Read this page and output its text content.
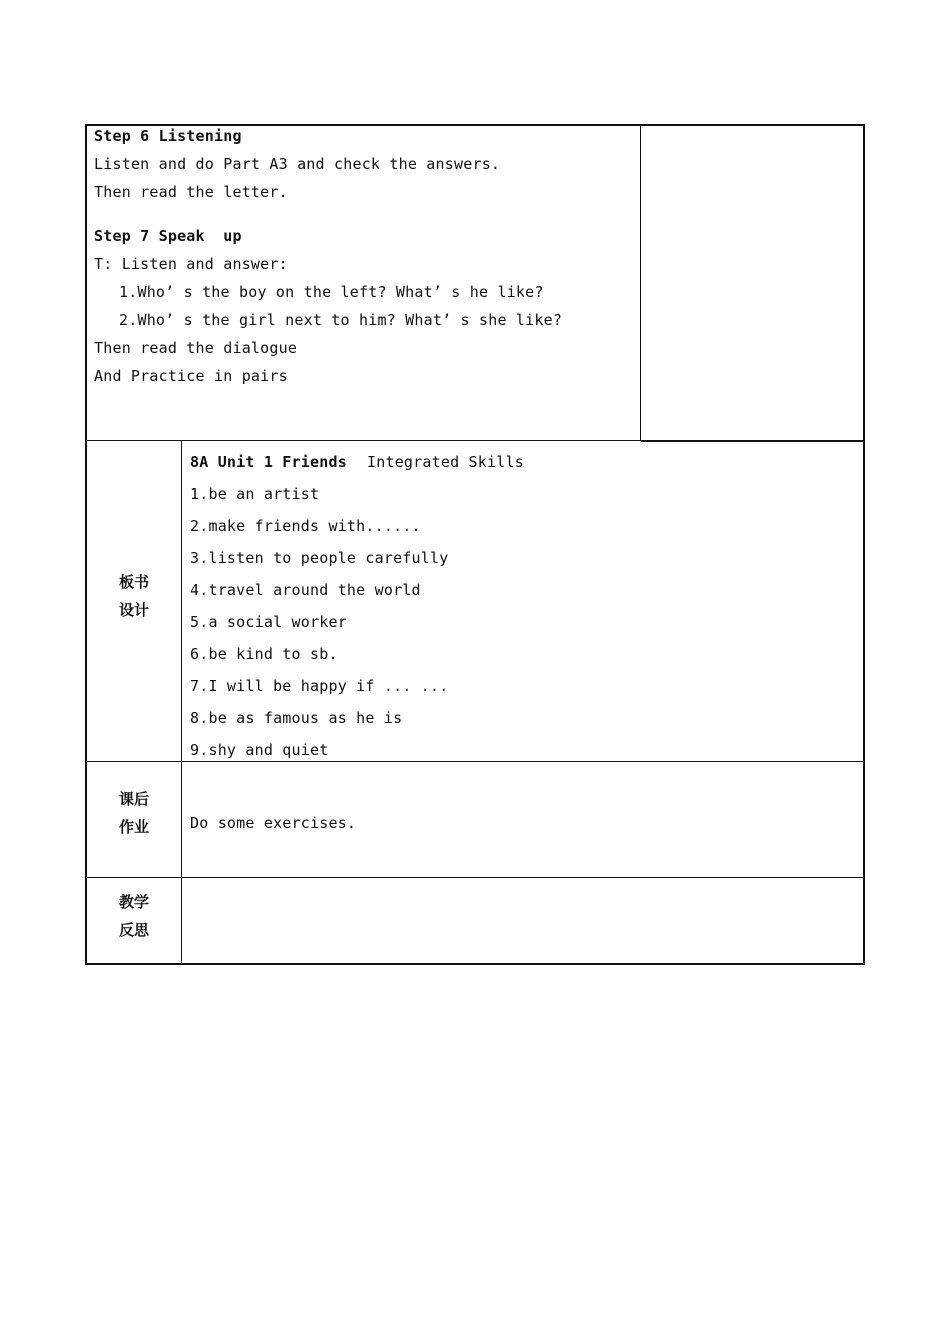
Step 6 Listening
Listen and do Part A3 and check the answers.
Then read the letter.
Step 7 Speak  up
T: Listen and answer:
1.Who’ s the boy on the left? What’ s he like?
2.Who’ s the girl next to him? What’ s she like?
Then read the dialogue
And Practice in pairs
板书
设计
8A Unit 1 Friends Integrated Skills
1.be an artist
2.make friends with......
3.listen to people carefully
4.travel around the world
5.a social worker
6.be kind to sb.
7.I will be happy if ... ...
8.be as famous as he is
9.shy and quiet
课后
作业	Do some exercises.
教学
反思
